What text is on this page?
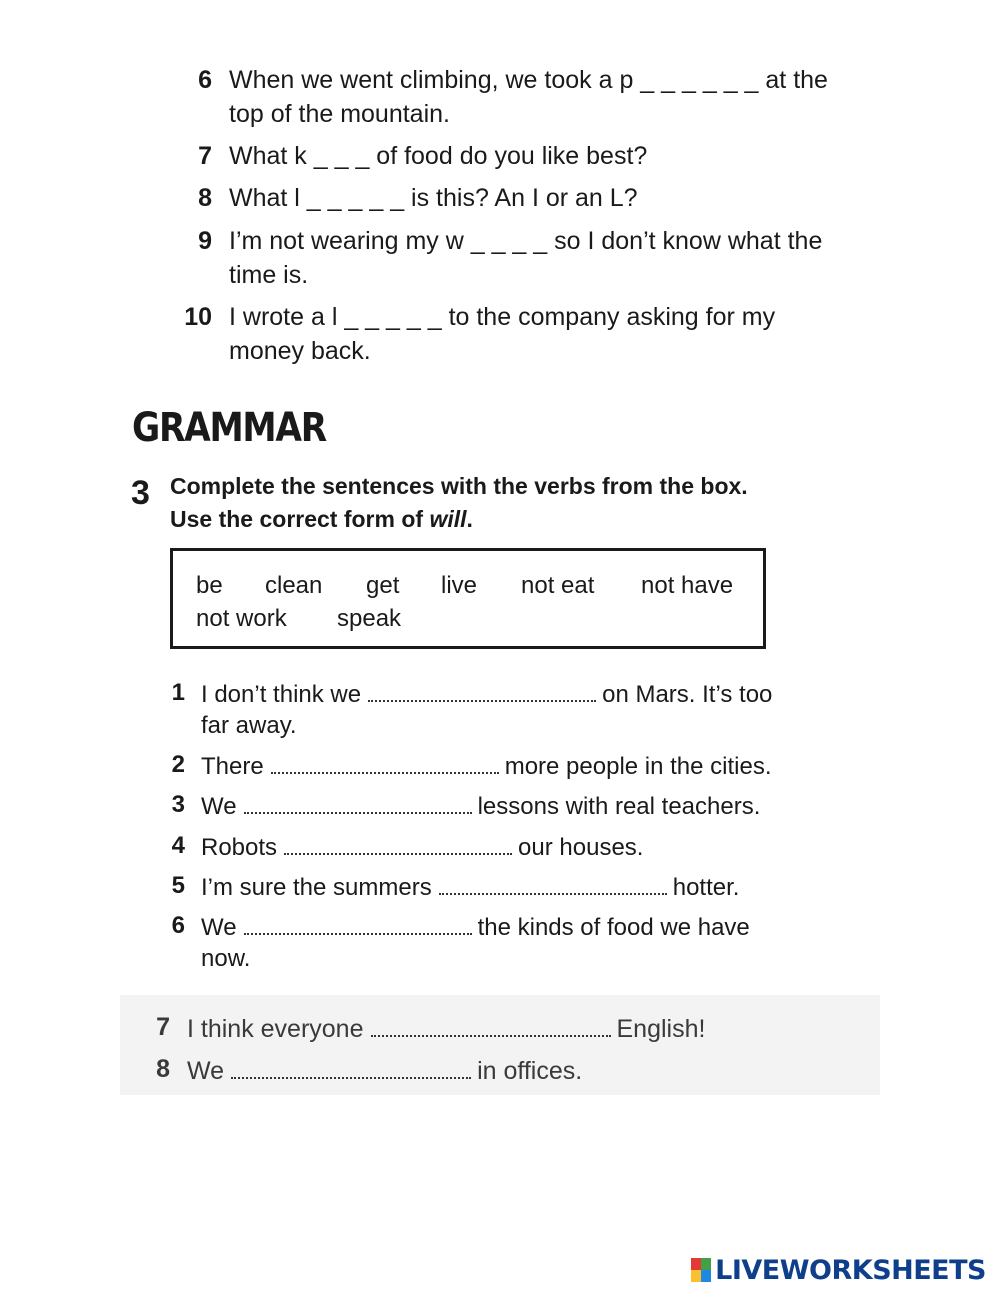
6 When we went climbing, we took a p _ _ _ _ _ _ at the
top of the mountain.
7 What k _ _ _ of food do you like best?
8 What l _ _ _ _ _ is this? An I or an L?
9 I’m not wearing my w _ _ _ _ so I don’t know what the
time is.
10 I wrote a l _ _ _ _ _ to the company asking for my
money back.
GRAMMAR
3 Complete the sentences with the verbs from the box.
Use the correct form of will.
be clean get live not eat not have
not work speak
1 I don’t think we	on Mars. It’s too
far away.
2 There	more people in the cities.
3 We	lessons with real teachers.
4 Robots	our houses.
5 I’m sure the summers	hotter.
6 We	the kinds of food we have
now.
7 I think everyone	English!
8 We	in offices.
LIVEWORKSHEETS
